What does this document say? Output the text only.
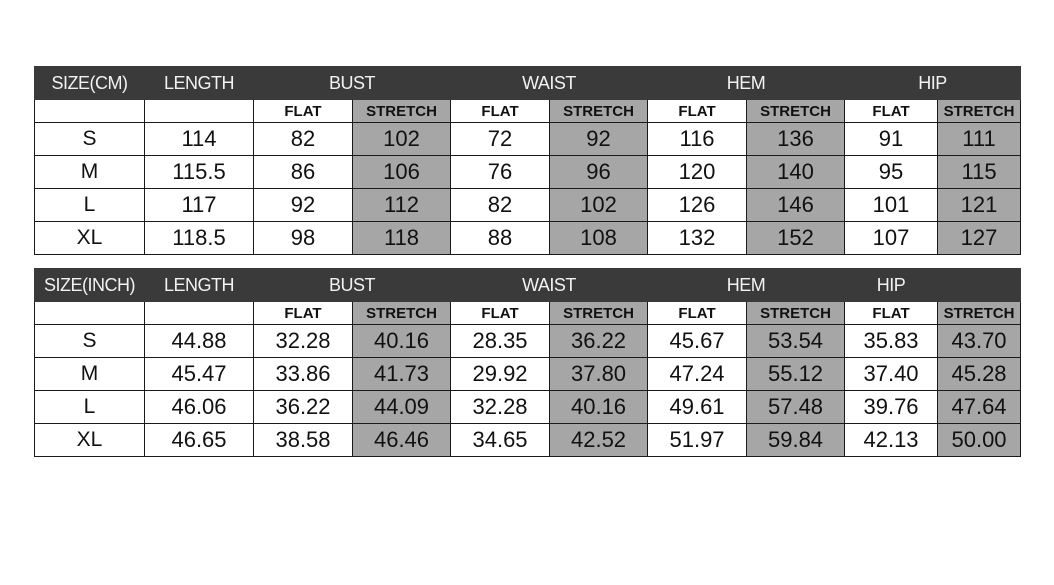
SIZE(CM)	LENGTH	BUST		WAIST		HEM		HIP	
		FLAT	STRETCH	FLAT	STRETCH	FLAT	STRETCH	FLAT	STRETCH
S	114	82	102	72	92	116	136	91	111
M	115.5	86	106	76	96	120	140	95	115
L	117	92	112	82	102	126	146	101	121
XL	118.5	98	118	88	108	132	152	107	127
SIZE(INCH)	LENGTH	BUST		WAIST		HEM		HIP	
		FLAT	STRETCH	FLAT	STRETCH	FLAT	STRETCH	FLAT	STRETCH
S	44.88	32.28	40.16	28.35	36.22	45.67	53.54	35.83	43.70
M	45.47	33.86	41.73	29.92	37.80	47.24	55.12	37.40	45.28
L	46.06	36.22	44.09	32.28	40.16	49.61	57.48	39.76	47.64
XL	46.65	38.58	46.46	34.65	42.52	51.97	59.84	42.13	50.00
